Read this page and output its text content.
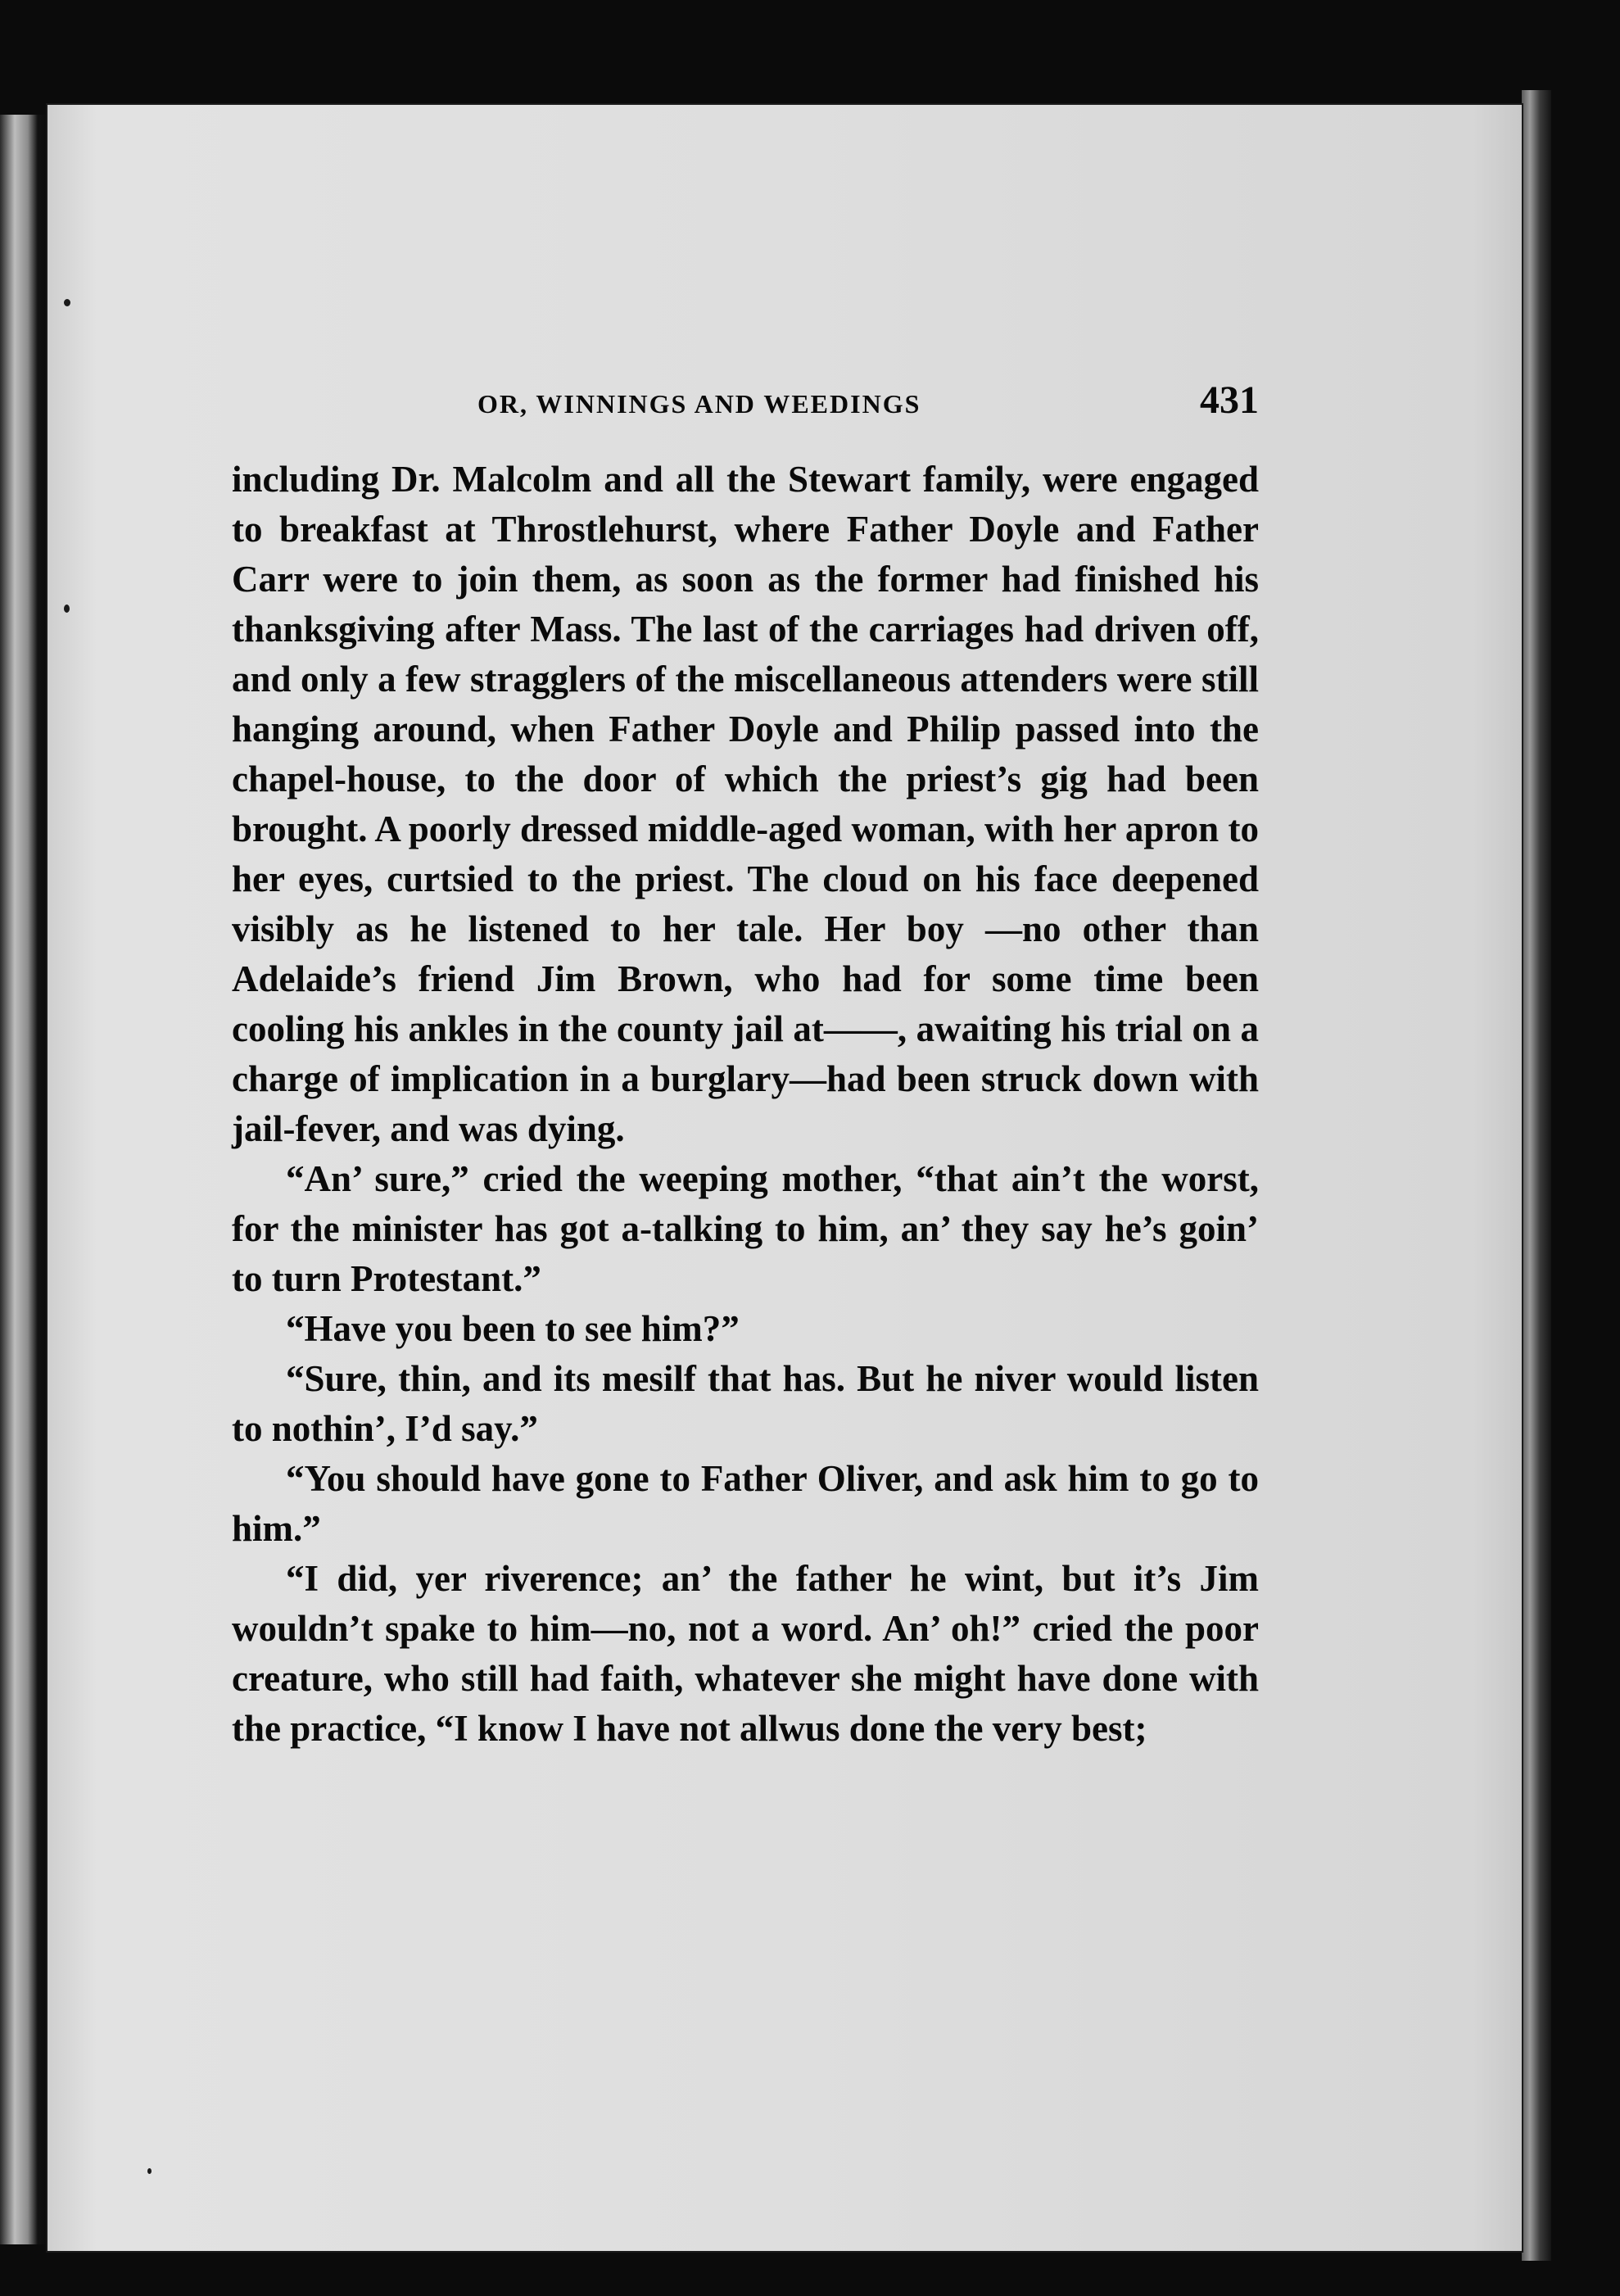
OR, WINNINGS AND WEEDINGS	431

including Dr. Malcolm and all the Stewart family, were engaged to breakfast at Throstlehurst, where Father Doyle and Father Carr were to join them, as soon as the former had finished his thanksgiving after Mass. The last of the carriages had driven off, and only a few stragglers of the miscellaneous attenders were still hanging around, when Father Doyle and Philip passed into the chapel-house, to the door of which the priest’s gig had been brought. A poorly dressed middle-aged woman, with her apron to her eyes, curtsied to the priest. The cloud on his face deepened visibly as he listened to her tale. Her boy —no other than Adelaide’s friend Jim Brown, who had for some time been cooling his ankles in the county jail at——, awaiting his trial on a charge of implication in a burglary—had been struck down with jail-fever, and was dying.

“An’ sure,” cried the weeping mother, “that ain’t the worst, for the minister has got a-talking to him, an’ they say he’s goin’ to turn Protestant.”

“Have you been to see him?”

“Sure, thin, and its mesilf that has. But he niver would listen to nothin’, I’d say.”

“You should have gone to Father Oliver, and ask him to go to him.”

“I did, yer riverence; an’ the father he wint, but it’s Jim wouldn’t spake to him—no, not a word. An’ oh!” cried the poor creature, who still had faith, whatever she might have done with the practice, “I know I have not allwus done the very best;
